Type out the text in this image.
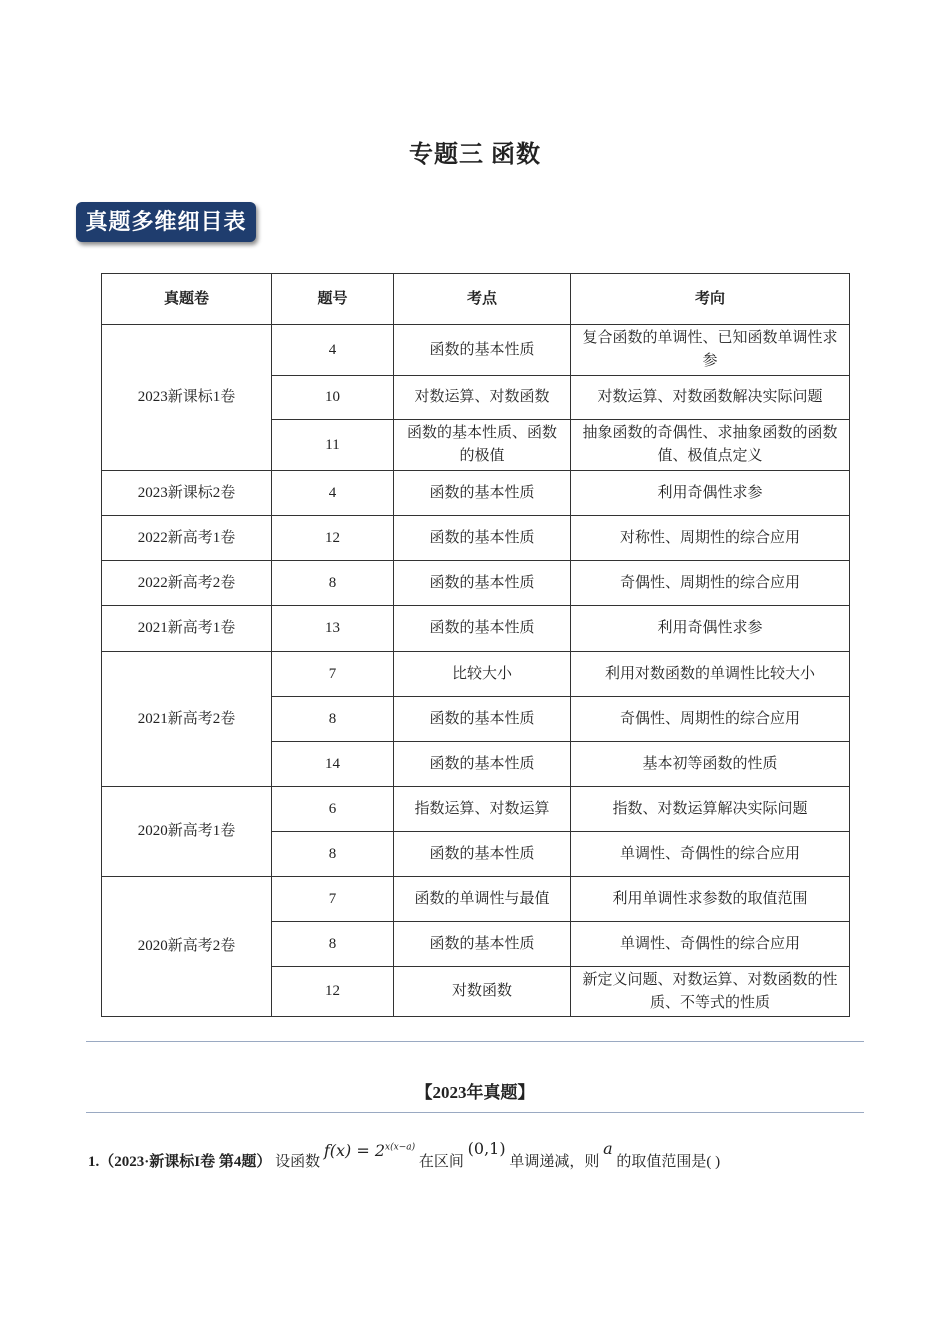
专题三 函数
真题多维细目表
真题卷	题号	考点	考向
2023新课标1卷	4	函数的基本性质	复合函数的单调性、已知函数单调性求参
	10	对数运算、对数函数	对数运算、对数函数解决实际问题
	11	函数的基本性质、函数的极值	抽象函数的奇偶性、求抽象函数的函数值、极值点定义
2023新课标2卷	4	函数的基本性质	利用奇偶性求参
2022新高考1卷	12	函数的基本性质	对称性、周期性的综合应用
2022新高考2卷	8	函数的基本性质	奇偶性、周期性的综合应用
2021新高考1卷	13	函数的基本性质	利用奇偶性求参
2021新高考2卷	7	比较大小	利用对数函数的单调性比较大小
	8	函数的基本性质	奇偶性、周期性的综合应用
	14	函数的基本性质	基本初等函数的性质
2020新高考1卷	6	指数运算、对数运算	指数、对数运算解决实际问题
	8	函数的基本性质	单调性、奇偶性的综合应用
2020新高考2卷	7	函数的单调性与最值	利用单调性求参数的取值范围
	8	函数的基本性质	单调性、奇偶性的综合应用
	12	对数函数	新定义问题、对数运算、对数函数的性质、不等式的性质
【2023年真题】
1.（2023·新课标I卷 第4题） 设函数 $f(x) = 2^{x(x-a)}$ 在区间 (0,1) 单调递减，则 a 的取值范围是( )
